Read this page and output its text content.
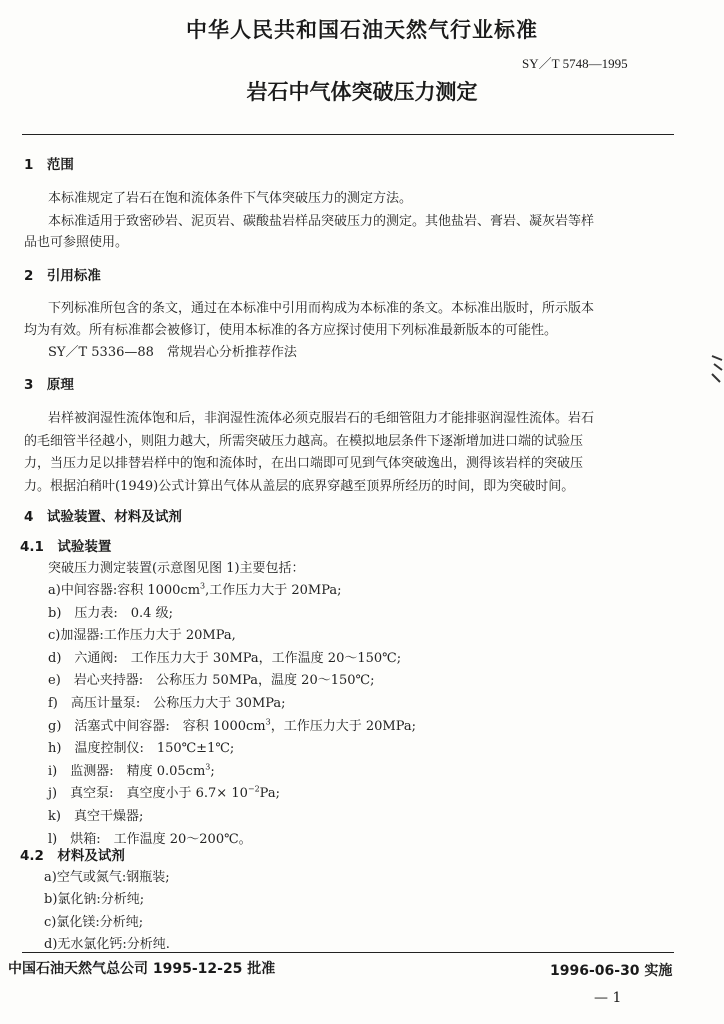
中华人民共和国石油天然气行业标准
SY／T 5748—1995
岩石中气体突破压力测定
1　范围
本标准规定了岩石在饱和流体条件下气体突破压力的测定方法。
本标准适用于致密砂岩、泥页岩、碳酸盐岩样品突破压力的测定。其他盐岩、膏岩、凝灰岩等样
品也可参照使用。
2　引用标准
下列标准所包含的条文，通过在本标准中引用而构成为本标准的条文。本标准出版时，所示版本
均为有效。所有标准都会被修订，使用本标准的各方应探讨使用下列标准最新版本的可能性。
SY／T 5336—88　常规岩心分析推荐作法
3　原理
岩样被润湿性流体饱和后，非润湿性流体必须克服岩石的毛细管阻力才能排驱润湿性流体。岩石
的毛细管半径越小，则阻力越大，所需突破压力越高。在模拟地层条件下逐渐增加进口端的试验压
力，当压力足以排替岩样中的饱和流体时，在出口端即可见到气体突破逸出，测得该岩样的突破压
力。根据泊稍叶(1949)公式计算出气体从盖层的底界穿越至顶界所经历的时间，即为突破时间。
4　试验装置、材料及试剂
4.1　试验装置
突破压力测定装置(示意图见图 1)主要包括：
a)中间容器:容积 $1000cm^3$,工作压力大于 20MPa;
b)　压力表:　0.4 级;
c)加湿器:工作压力大于 20MPa,
d)　六通阀:　工作压力大于 30MPa，工作温度 20～150℃;
e)　岩心夹持器:　公称压力 50MPa，温度 20～150℃;
f)　高压计量泵:　公称压力大于 30MPa;
g)　活塞式中间容器:　容积 $1000cm^3$，工作压力大于 20MPa;
h)　温度控制仪:　150℃±1℃;
i)　监测器:　精度 $0.05cm^3$;
j)　真空泵:　真空度小于 $6.7\times 10^{-2}Pa$;
k)　真空干燥器;
l)　烘箱:　工作温度 20～200℃。
4.2　材料及试剂
a)空气或氮气:钢瓶装;
b)氯化钠:分析纯;
c)氯化镁:分析纯;
d)无水氯化钙:分析纯.
中国石油天然气总公司 1995-12-25 批准	1996-06-30 实施
— 1
